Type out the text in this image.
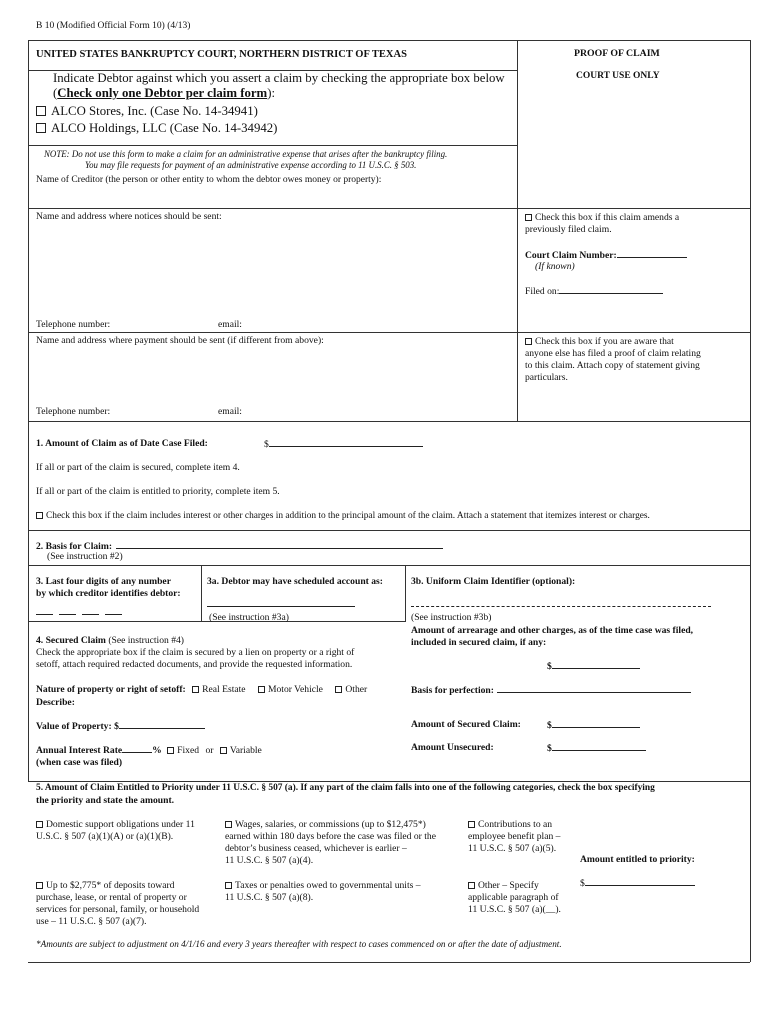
B 10 (Modified Official Form 10) (4/13)
UNITED STATES BANKRUPTCY COURT, NORTHERN DISTRICT OF TEXAS	PROOF OF CLAIM
COURT USE ONLY
Indicate Debtor against which you assert a claim by checking the appropriate box below
(Check only one Debtor per claim form):
ALCO Stores, Inc. (Case No. 14-34941)
ALCO Holdings, LLC (Case No. 14-34942)
NOTE: Do not use this form to make a claim for an administrative expense that arises after the bankruptcy filing.
You may file requests for payment of an administrative expense according to 11 U.S.C. § 503.
Name of Creditor (the person or other entity to whom the debtor owes money or property):
Name and address where notices should be sent:
Telephone number:	email:
Check this box if this claim amends a
previously filed claim.
Court Claim Number:
(If known)
Filed on:
Name and address where payment should be sent (if different from above):
Telephone number:	email:
Check this box if you are aware that
anyone else has filed a proof of claim relating
to this claim. Attach copy of statement giving
particulars.
1. Amount of Claim as of Date Case Filed:	$
If all or part of the claim is secured, complete item 4.
If all or part of the claim is entitled to priority, complete item 5.
Check this box if the claim includes interest or other charges in addition to the principal amount of the claim. Attach a statement that itemizes interest or charges.
2. Basis for Claim:
(See instruction #2)
3. Last four digits of any number
by which creditor identifies debtor:
3a. Debtor may have scheduled account as:
(See instruction #3a)
3b. Uniform Claim Identifier (optional):
(See instruction #3b)
4. Secured Claim (See instruction #4)
Check the appropriate box if the claim is secured by a lien on property or a right of
setoff, attach required redacted documents, and provide the requested information.
Amount of arrearage and other charges, as of the time case was filed,
included in secured claim, if any:
$
Nature of property or right of setoff: Real Estate Motor Vehicle Other
Describe:
Basis for perfection:
Value of Property: $	Amount of Secured Claim:	$
Annual Interest Rate	% Fixed or Variable
(when case was filed)
Amount Unsecured:	$
5. Amount of Claim Entitled to Priority under 11 U.S.C. § 507 (a). If any part of the claim falls into one of the following categories, check the box specifying
the priority and state the amount.
Domestic support obligations under 11
U.S.C. § 507 (a)(1)(A) or (a)(1)(B).
Wages, salaries, or commissions (up to $12,475*)
earned within 180 days before the case was filed or the
debtor’s business ceased, whichever is earlier –
11 U.S.C. § 507 (a)(4).
Contributions to an
employee benefit plan –
11 U.S.C. § 507 (a)(5).
Amount entitled to priority:
Up to $2,775* of deposits toward
purchase, lease, or rental of property or
services for personal, family, or household
use – 11 U.S.C. § 507 (a)(7).
Taxes or penalties owed to governmental units –
11 U.S.C. § 507 (a)(8).
Other – Specify
applicable paragraph of
11 U.S.C. § 507 (a)(__).
$
*Amounts are subject to adjustment on 4/1/16 and every 3 years thereafter with respect to cases commenced on or after the date of adjustment.
